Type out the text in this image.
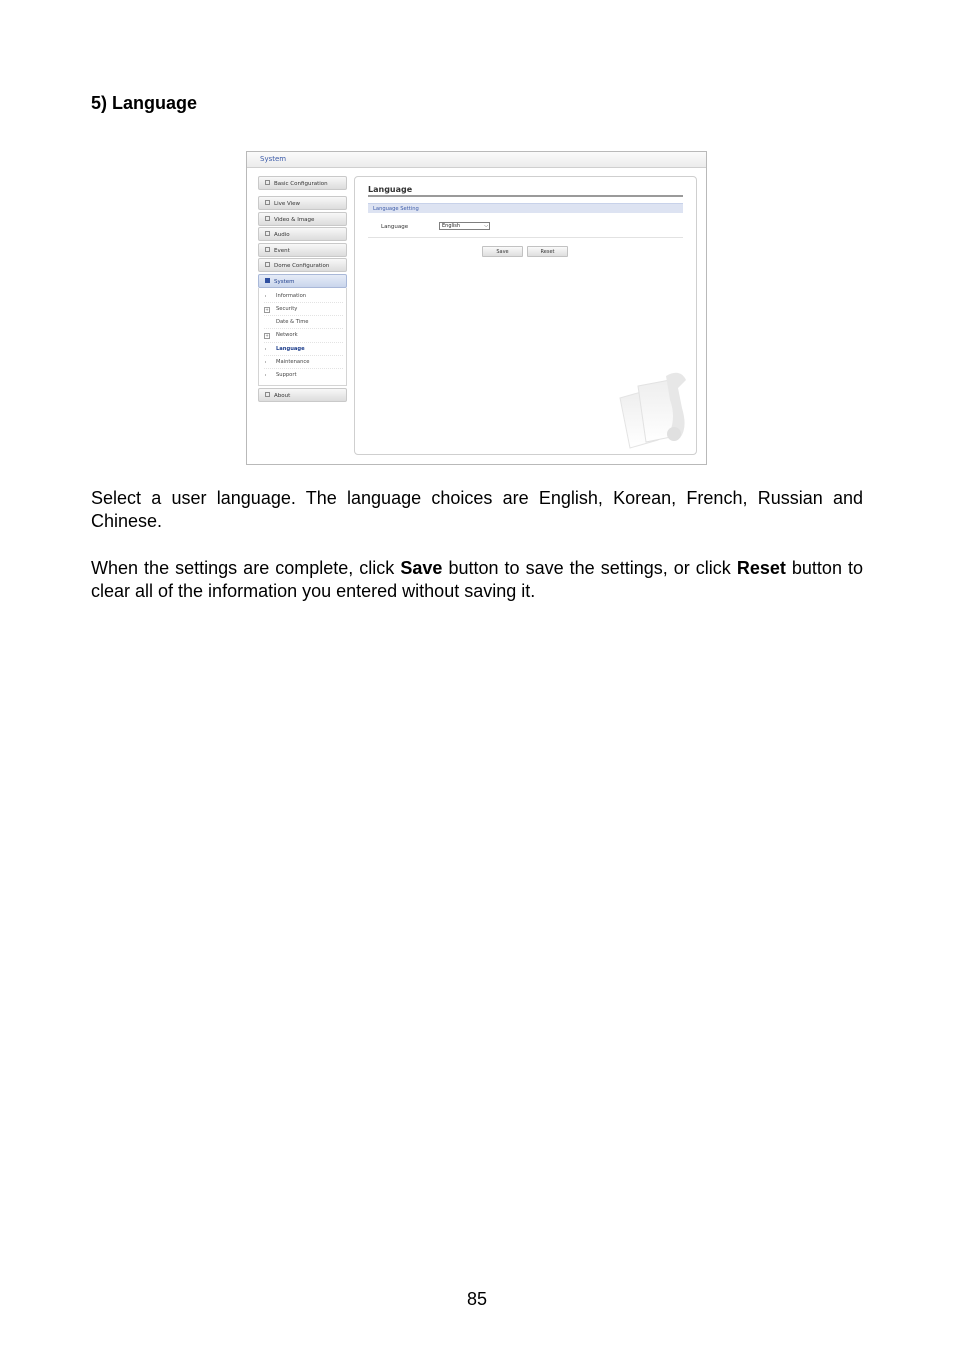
5) Language
System
Basic Configuration
Live View
Video & Image
Audio
Event
Dome Configuration
System
Information
+ Security
Date & Time
+ Network
Language
Maintenance
Support
About
Language
Language Setting
Language	English	⌵
Save	Reset

Select a user language. The language choices are English, Korean, French, Russian and Chinese.

When the settings are complete, click Save button to save the settings, or click Reset button to clear all of the information you entered without saving it.

85
